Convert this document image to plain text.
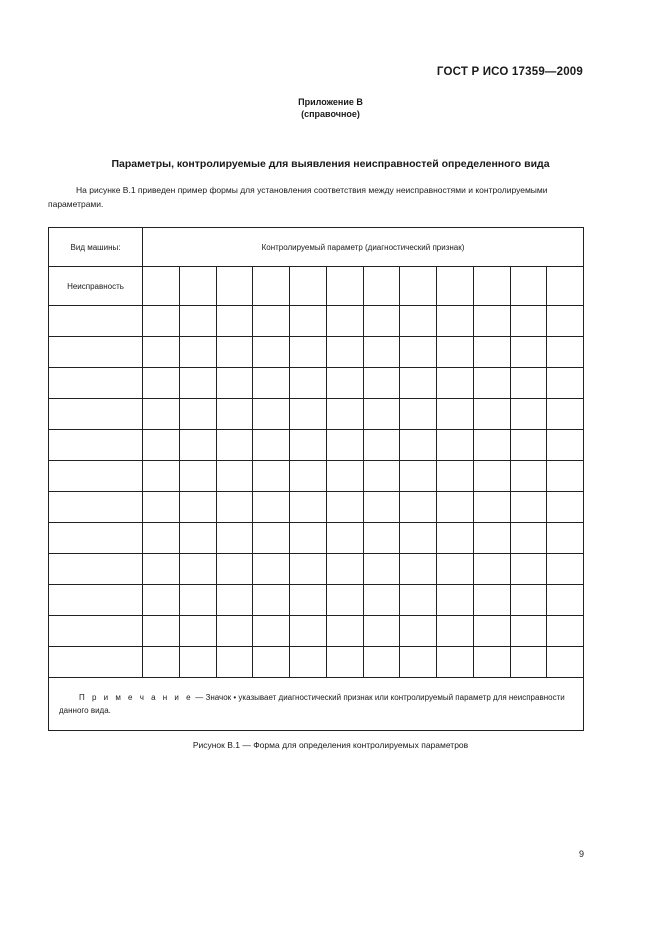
ГОСТ Р ИСО 17359—2009
Приложение В
(справочное)
Параметры, контролируемые для выявления неисправностей определенного вида
На рисунке В.1 приведен пример формы для установления соответствия между неисправностями и контролируемыми параметрами.
Вид машины:	Контролируемый параметр (диагностический признак)											
Неисправность												

П р и м е ч а н и е — Значок • указывает диагностический признак или контролируемый параметр для неисправности данного вида.												
Рисунок В.1 — Форма для определения контролируемых параметров
9
